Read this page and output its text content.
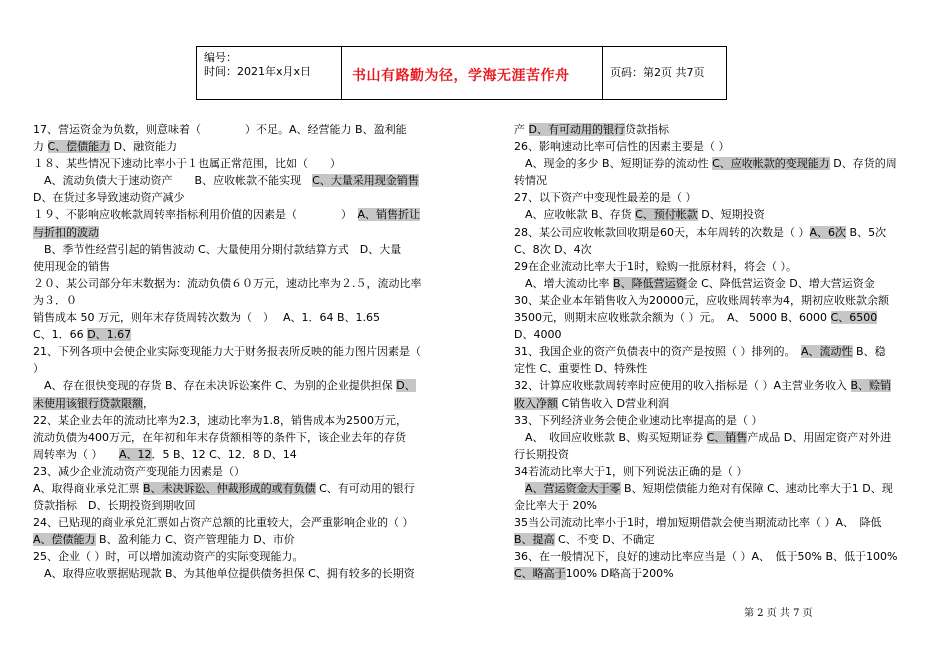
编号：
时间：2021年x月x日	书山有路勤为径，学海无涯苦作舟	页码：第2页 共7页
17、营运资金为负数，则意味着（　　　　）不足。A、经营能力 B、盈利能
力 C、偿债能力 D、融资能力
１８、某些情况下速动比率小于１也属正常范围，比如（　　）
　A、流动负债大于速动资产　　B、应收帐款不能实现　C、大量采用现金销售
D、在货过多导致速动资产减少
１９、不影响应收帐款周转率指标利用价值的因素是（　　　　）　A、销售折让
与折扣的波动
　B、季节性经营引起的销售波动 C、大量使用分期付款结算方式　D、大量
使用现金的销售
２０、某公司部分年末数据为：流动负债６０万元，速动比率为２.５，流动比率
为３．０
销售成本 50 万元，则年末存货周转次数为（　）　 A、1．64 B、1.65
C、1．66 D、1.67
21、下列各项中会使企业实际变现能力大于财务报表所反映的能力图片因素是（
）
　A、存在很快变现的存货 B、存在未决诉讼案件 C、为别的企业提供担保 D、
未使用该银行贷款限额，
22、某企业去年的流动比率为2.3，速动比率为1.8，销售成本为2500万元，
流动负债为400万元，在年初和年末存货额相等的条件下，该企业去年的存货
周转率为（ ）　　A、12．5 B、12 C、12．8 D、14
23、减少企业流动资产变现能力因素是（）
A、取得商业承兑汇票 B、未决诉讼、仲裁形成的或有负债 C、有可动用的银行
贷款指标　D、长期投资到期收回
24、已贴现的商业承兑汇票如占资产总额的比重较大，会严重影响企业的（ ）
A、偿债能力 B、盈利能力 C、资产管理能力 D、市价
25、企业（ ）时，可以增加流动资产的实际变现能力。
　A、取得应收票据贴现款 B、为其他单位提供债务担保 C、拥有较多的长期资
产 D、有可动用的银行贷款指标
26、影响速动比率可信性的因素主要是（ ）
　A、现金的多少 B、短期证券的流动性 C、应收帐款的变现能力 D、存货的周
转情况
27、以下资产中变现性最差的是（ ）
　A、应收帐款 B、存货 C、预付帐款 D、短期投资
28、某公司应收帐款回收期是60天，本年周转的次数是（ ）A、6次 B、5次
C、8次 D、4次
29在企业流动比率大于1时，赊购一批原材料，将会（ ）。
　A、增大流动比率 B、降低营运资金 C、降低营运资金 D、增大营运资金
30、某企业本年销售收入为20000元，应收账周转率为4，期初应收账款余额
3500元，则期末应收账款余额为（ ）元。　A、 5000 B、6000 C、6500
D、4000
31、我国企业的资产负债表中的资产是按照（ ）排列的。　A、流动性 B、稳
定性 C、重要性 D、特殊性
32、计算应收账款周转率时应使用的收入指标是（ ）A主营业务收入 B、赊销
收入净额 C销售收入 D营业利润
33、下列经济业务会使企业速动比率提高的是（ ）
　A、　收回应收账款 B、购买短期证券 C、销售产成品 D、用固定资产对外进
行长期投资
34若流动比率大于1，则下列说法正确的是（ ）
　A、营运资金大于零 B、短期偿债能力绝对有保障 C、速动比率大于1 D、现
金比率大于 20%
35当公司流动比率小于1时，增加短期借款会使当期流动比率（ ）A、　降低
B、提高 C、不变 D、不确定
36、在一般情况下，良好的速动比率应当是（ ）A、　低于50% B、低于100%
C、略高于100% D略高于200%
第 2 页 共 7 页
